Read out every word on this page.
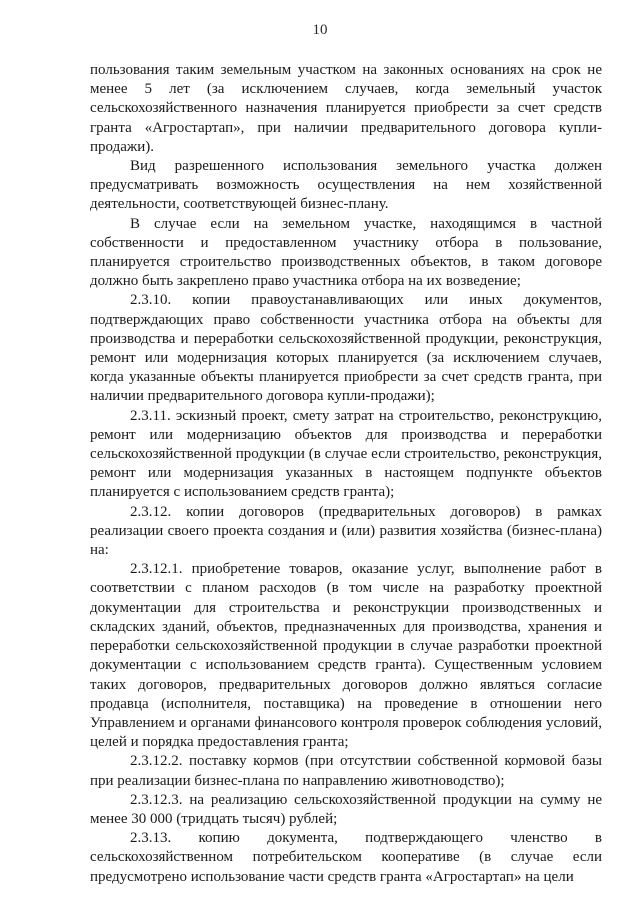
10

пользования таким земельным участком на законных основаниях на срок не менее 5 лет (за исключением случаев, когда земельный участок сельскохозяйственного назначения планируется приобрести за счет средств гранта «Агростартап», при наличии предварительного договора купли-продажи).

Вид разрешенного использования земельного участка должен предусматривать возможность осуществления на нем хозяйственной деятельности, соответствующей бизнес-плану.

В случае если на земельном участке, находящимся в частной собственности и предоставленном участнику отбора в пользование, планируется строительство производственных объектов, в таком договоре должно быть закреплено право участника отбора на их возведение;

2.3.10. копии правоустанавливающих или иных документов, подтверждающих право собственности участника отбора на объекты для производства и переработки сельскохозяйственной продукции, реконструкция, ремонт или модернизация которых планируется (за исключением случаев, когда указанные объекты планируется приобрести за счет средств гранта, при наличии предварительного договора купли-продажи);

2.3.11. эскизный проект, смету затрат на строительство, реконструкцию, ремонт или модернизацию объектов для производства и переработки сельскохозяйственной продукции (в случае если строительство, реконструкция, ремонт или модернизация указанных в настоящем подпункте объектов планируется с использованием средств гранта);

2.3.12. копии договоров (предварительных договоров) в рамках реализации своего проекта создания и (или) развития хозяйства (бизнес-плана) на:

2.3.12.1. приобретение товаров, оказание услуг, выполнение работ в соответствии с планом расходов (в том числе на разработку проектной документации для строительства и реконструкции производственных и складских зданий, объектов, предназначенных для производства, хранения и переработки сельскохозяйственной продукции в случае разработки проектной документации с использованием средств гранта). Существенным условием таких договоров, предварительных договоров должно являться согласие продавца (исполнителя, поставщика) на проведение в отношении него Управлением и органами финансового контроля проверок соблюдения условий, целей и порядка предоставления гранта;

2.3.12.2. поставку кормов (при отсутствии собственной кормовой базы при реализации бизнес-плана по направлению животноводство);

2.3.12.3. на реализацию сельскохозяйственной продукции на сумму не менее 30 000 (тридцать тысяч) рублей;

2.3.13. копию документа, подтверждающего членство в сельскохозяйственном потребительском кооперативе (в случае если предусмотрено использование части средств гранта «Агростартап» на цели
